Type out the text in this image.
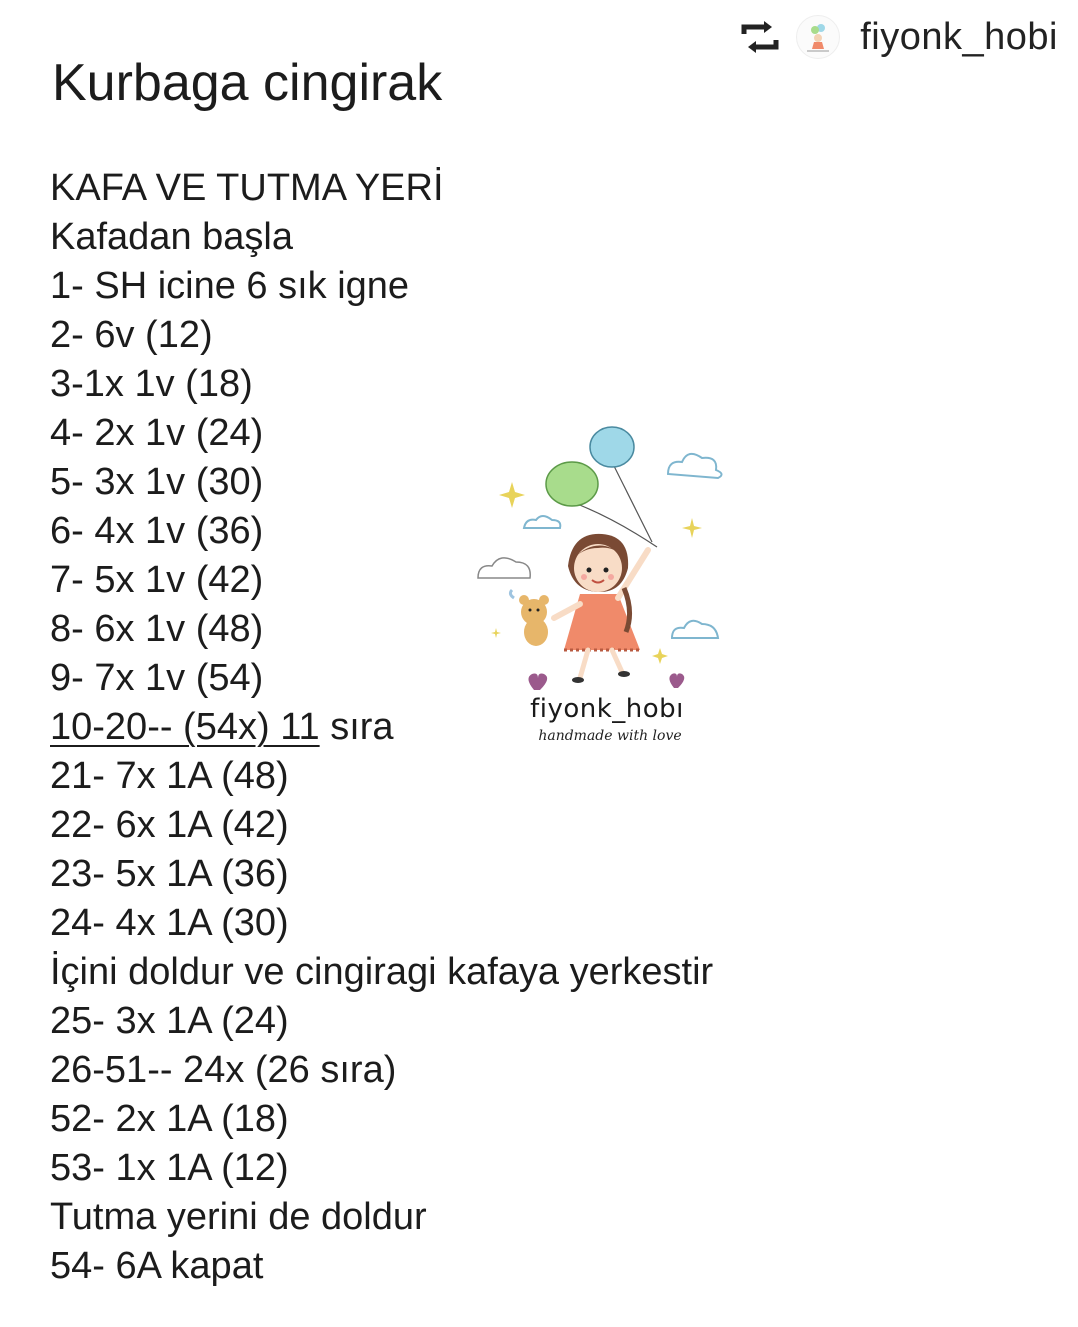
fiyonk_hobi
Kurbaga cingirak
KAFA VE TUTMA YERİ
Kafadan başla
1- SH icine 6 sık igne
2- 6v (12)
3-1x 1v (18)
4- 2x 1v (24)
5- 3x 1v (30)
6- 4x 1v (36)
7- 5x 1v (42)
8- 6x 1v (48)
9- 7x 1v (54)
10-20-- (54x) 11 sıra
21- 7x 1A (48)
22- 6x 1A (42)
23- 5x 1A (36)
24- 4x 1A (30)
İçini doldur ve cingiragi kafaya yerkestir
25- 3x 1A (24)
26-51-- 24x (26 sıra)
52- 2x 1A (18)
53- 1x 1A (12)
Tutma yerini de doldur
54- 6A kapat
fiyonk_hobı
handmade with love
